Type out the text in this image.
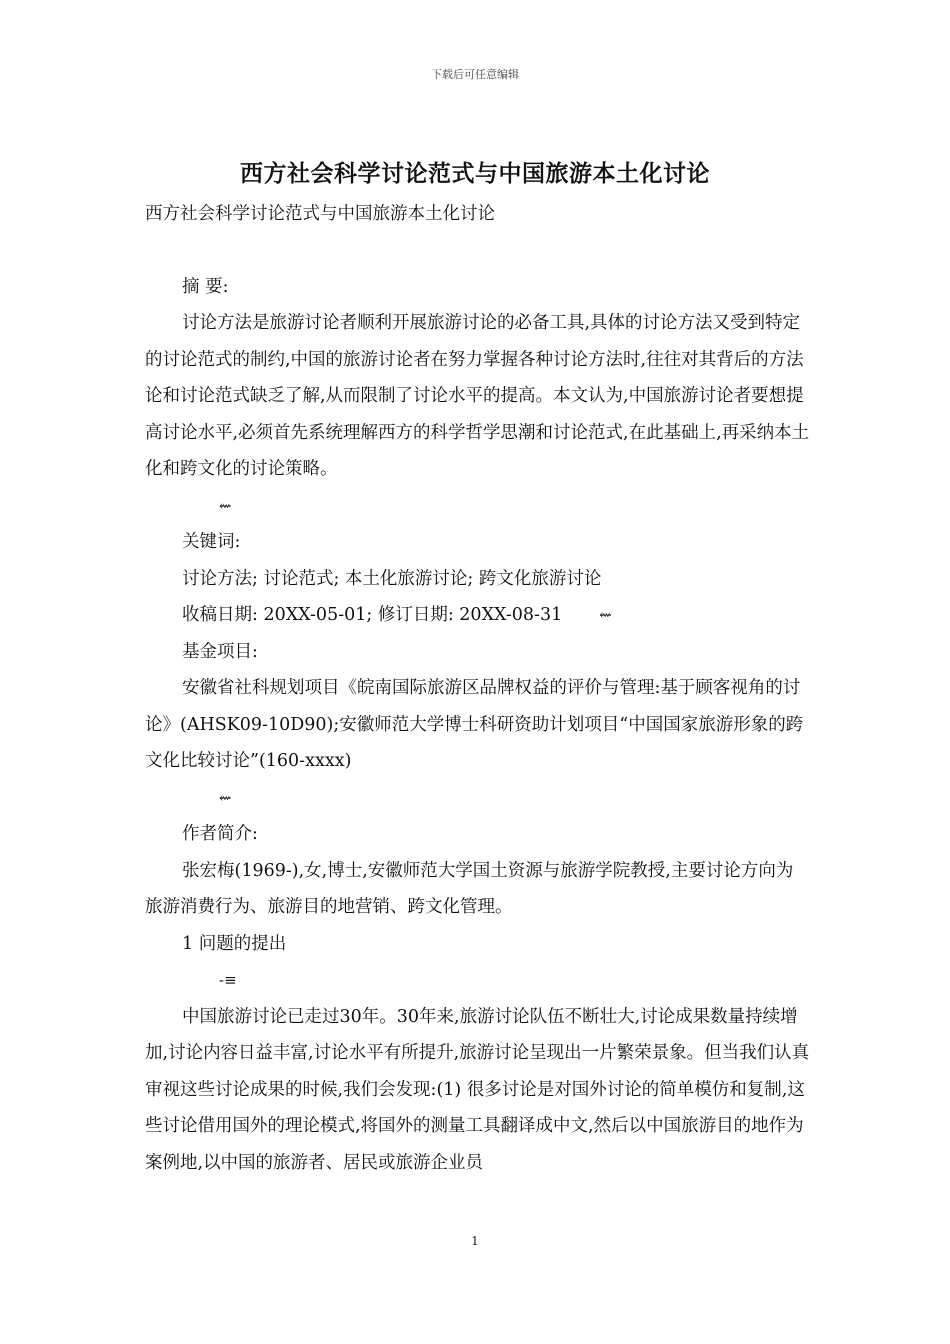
下载后可任意编辑
西方社会科学讨论范式与中国旅游本土化讨论

西方社会科学讨论范式与中国旅游本土化讨论

摘 要:

讨论方法是旅游讨论者顺利开展旅游讨论的必备工具,具体的讨论方法又受到特定的讨论范式的制约,中国的旅游讨论者在努力掌握各种讨论方法时,往往对其背后的方法论和讨论范式缺乏了解,从而限制了讨论水平的提高。本文认为,中国旅游讨论者要想提高讨论水平,必须首先系统理解西方的科学哲学思潮和讨论范式,在此基础上,再采纳本土化和跨文化的讨论策略。

⇜

关键词:

讨论方法; 讨论范式; 本土化旅游讨论; 跨文化旅游讨论

收稿日期: 20XX-05-01; 修订日期: 20XX-08-31 ⇜

基金项目:

安徽省社科规划项目《皖南国际旅游区品牌权益的评价与管理:基于顾客视角的讨论》(AHSK09-10D90);安徽师范大学博士科研资助计划项目“中国国家旅游形象的跨文化比较讨论”(160-xxxx)

⇜

作者简介:

张宏梅(1969-),女,博士,安徽师范大学国土资源与旅游学院教授,主要讨论方向为旅游消费行为、旅游目的地营销、跨文化管理。

1 问题的提出

-≡

中国旅游讨论已走过30年。30年来,旅游讨论队伍不断壮大,讨论成果数量持续增加,讨论内容日益丰富,讨论水平有所提升,旅游讨论呈现出一片繁荣景象。但当我们认真审视这些讨论成果的时候,我们会发现:(1) 很多讨论是对国外讨论的简单模仿和复制,这些讨论借用国外的理论模式,将国外的测量工具翻译成中文,然后以中国旅游目的地作为案例地,以中国的旅游者、居民或旅游企业员

1
